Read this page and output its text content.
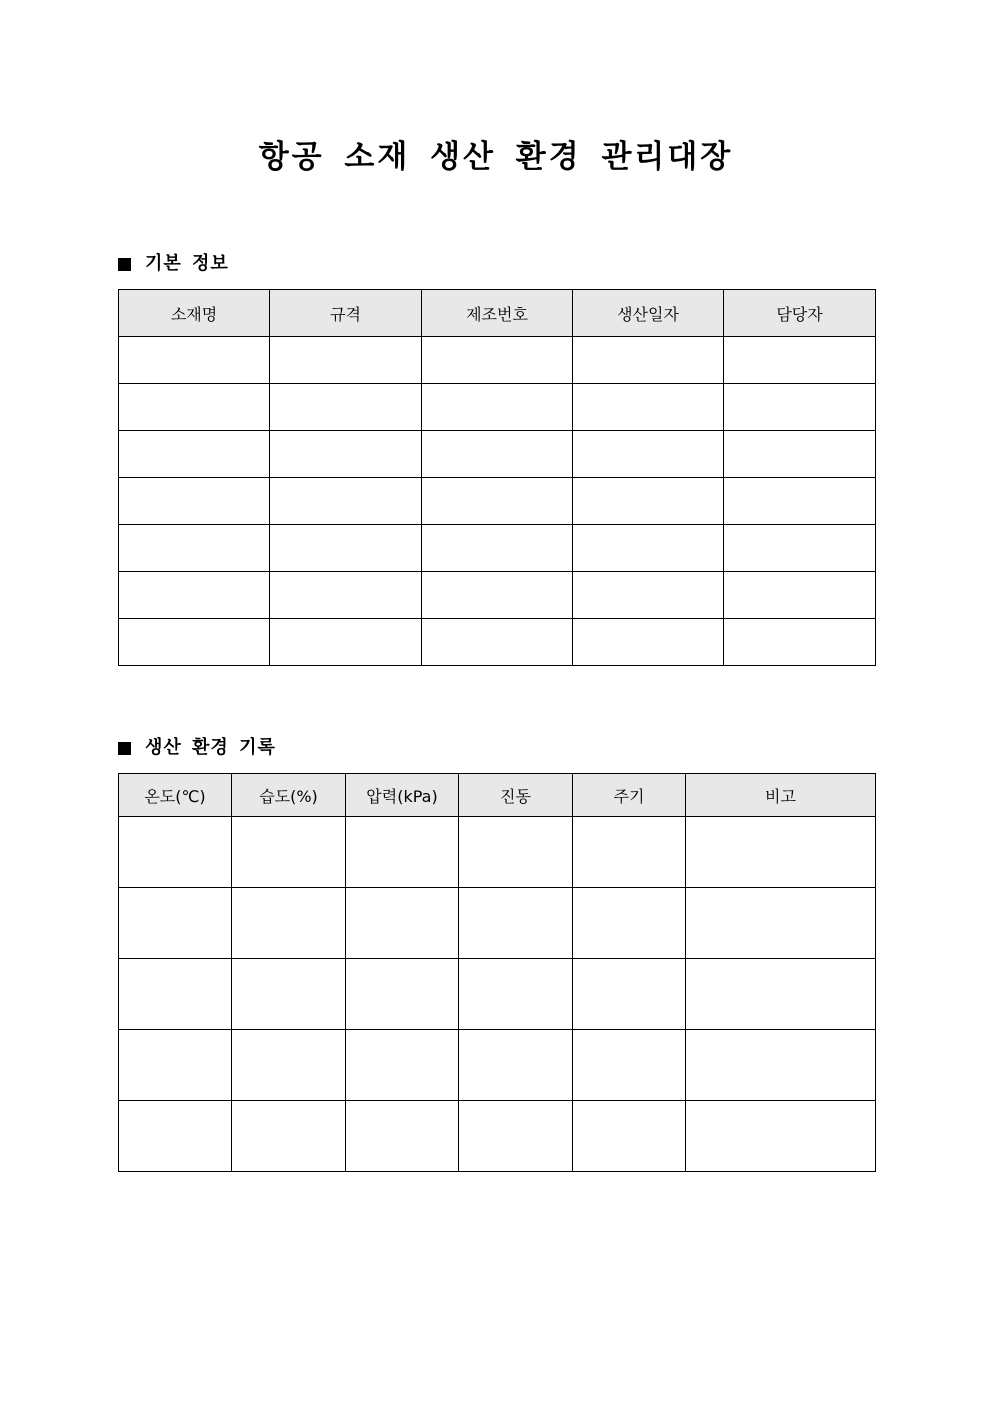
항공 소재 생산 환경 관리대장
기본 정보
소재명	규격	제조번호	생산일자	담당자

생산 환경 기록
온도(℃)	습도(%)	압력(kPa)	진동	주기	비고
